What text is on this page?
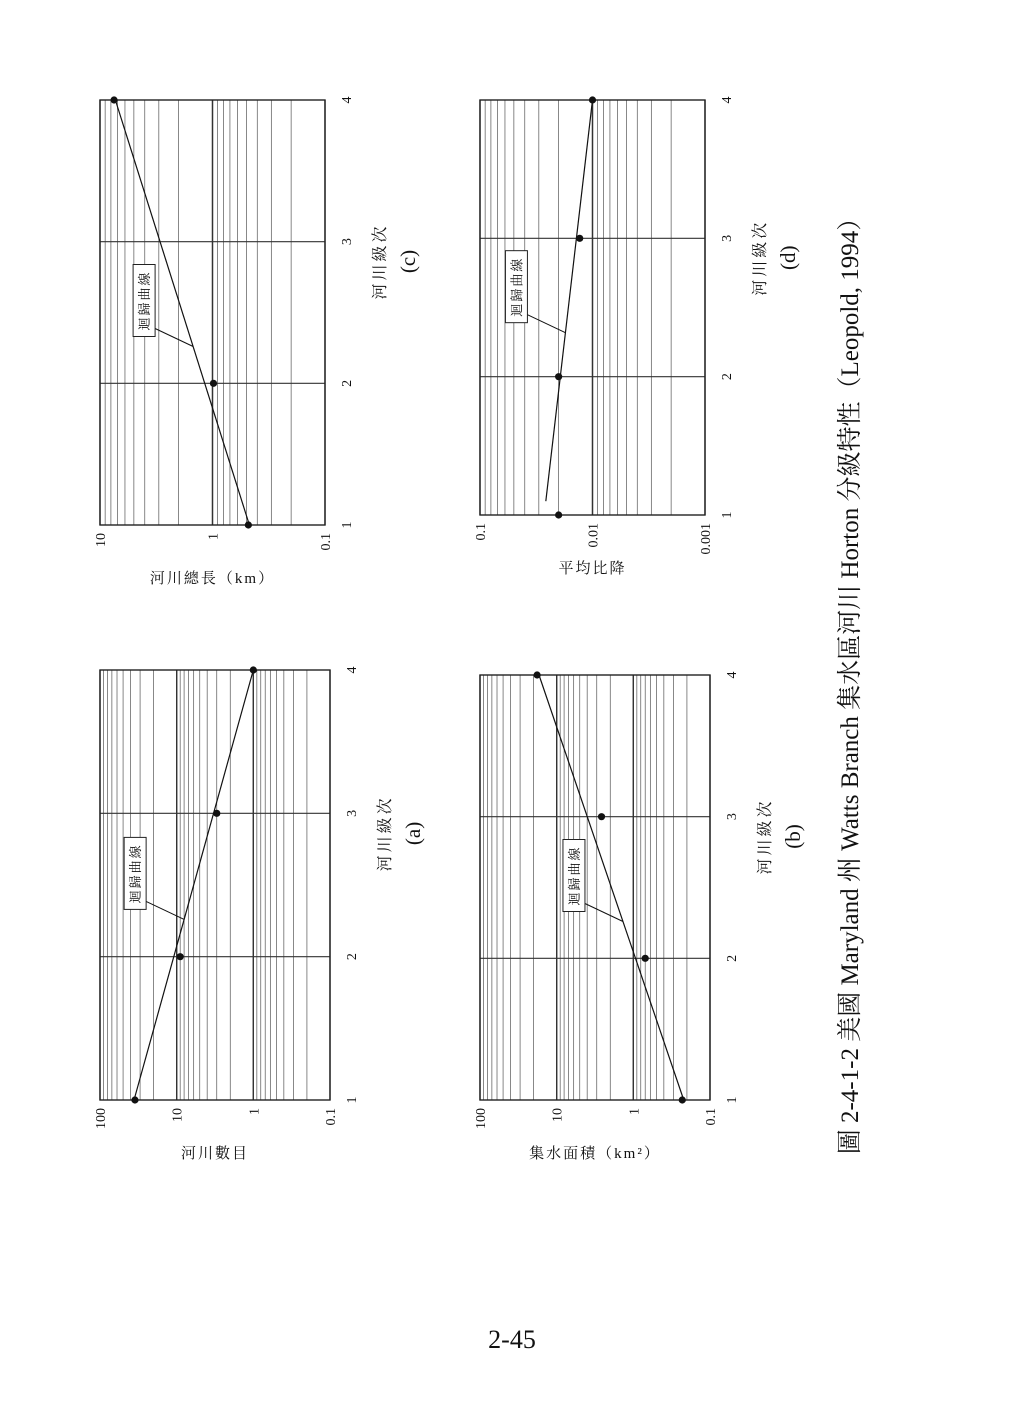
0.1
1
10
100
1
2
3
4
迴歸曲線
河川級次 (a)
河川數目
0.1
1
10
100
1
2
3
4
迴歸曲線
河川級次 (b)
集水面積（km²）
0.1
1
10
1
2
3
4
迴歸曲線
河川級次 (c)
河川總長（km）
0.001
0.01
0.1
1
2
3
4
迴歸曲線	河川級次 (d)
平均比降	圖 2-4-1-2 美國 Maryland 州 Watts Branch 集水區河川 Horton 分級特性（Leopold, 1994）
2-45
